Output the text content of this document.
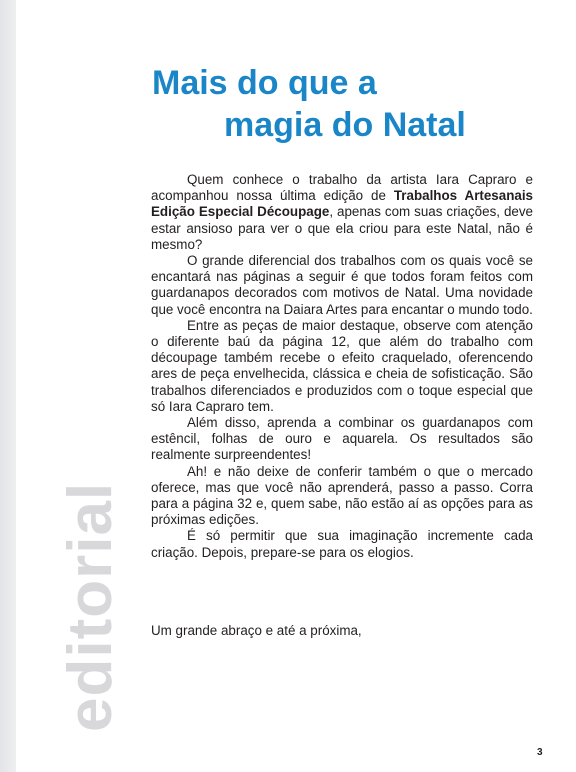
editorial
Mais do que a
magia do Natal

Quem conhece o trabalho da artista Iara Capraro e acompanhou nossa última edição de Trabalhos Artesanais Edição Especial Découpage, apenas com suas criações, deve estar ansioso para ver o que ela criou para este Natal, não é mesmo?

O grande diferencial dos trabalhos com os quais você se encantará nas páginas a seguir é que todos foram feitos com guardanapos decorados com motivos de Natal. Uma novidade que você encontra na Daiara Artes para encantar o mundo todo.

Entre as peças de maior destaque, observe com atenção o diferente baú da página 12, que além do trabalho com découpage também recebe o efeito craquelado, oferencendo ares de peça envelhecida, clássica e cheia de sofisticação. São trabalhos diferenciados e produzidos com o toque especial que só Iara Capraro tem.

Além disso, aprenda a combinar os guardanapos com estêncil, folhas de ouro e aquarela. Os resultados são realmente surpreendentes!

Ah! e não deixe de conferir também o que o mercado oferece, mas que você não aprenderá, passo a passo. Corra para a página 32 e, quem sabe, não estão aí as opções para as próximas edições.

É só permitir que sua imaginação incremente cada criação. Depois, prepare-se para os elogios.

Um grande abraço e até a próxima,
3
